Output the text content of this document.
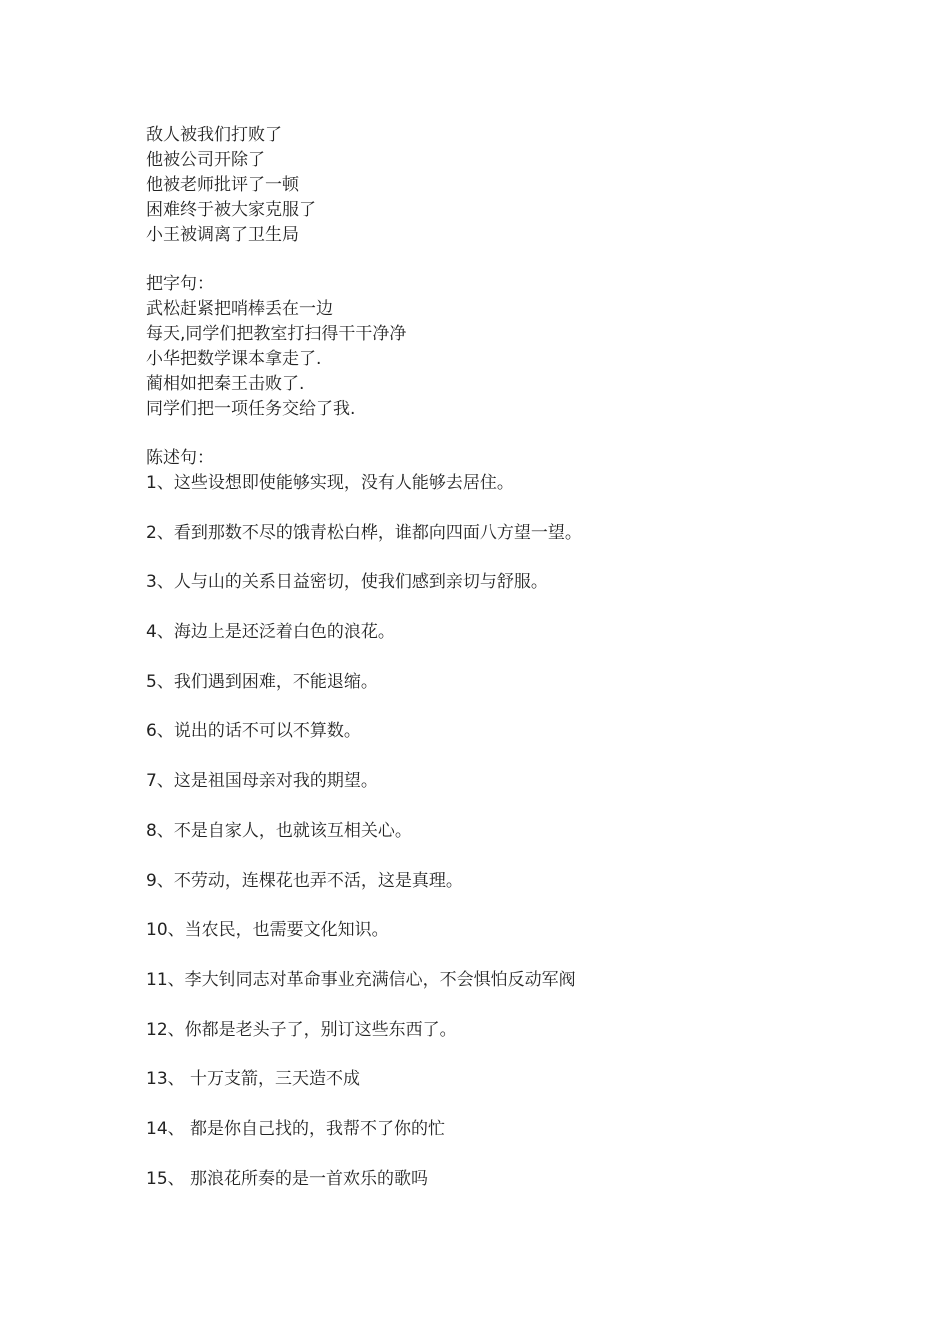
敌人被我们打败了

他被公司开除了

他被老师批评了一顿

困难终于被大家克服了

小王被调离了卫生局

把字句：

武松赶紧把哨棒丢在一边

每天,同学们把教室打扫得干干净净

小华把数学课本拿走了.

蔺相如把秦王击败了.

同学们把一项任务交给了我.

陈述句：

1、这些设想即使能够实现，没有人能够去居住。

2、看到那数不尽的饿青松白桦，谁都向四面八方望一望。

3、人与山的关系日益密切，使我们感到亲切与舒服。

4、海边上是还泛着白色的浪花。

5、我们遇到困难，不能退缩。

6、说出的话不可以不算数。

7、这是祖国母亲对我的期望。

8、不是自家人，也就该互相关心。

9、不劳动，连棵花也弄不活，这是真理。

10、当农民，也需要文化知识。

11、李大钊同志对革命事业充满信心，不会惧怕反动军阀

12、你都是老头子了，别订这些东西了。

13、 十万支箭，三天造不成

14、 都是你自己找的，我帮不了你的忙

15、 那浪花所奏的是一首欢乐的歌吗
